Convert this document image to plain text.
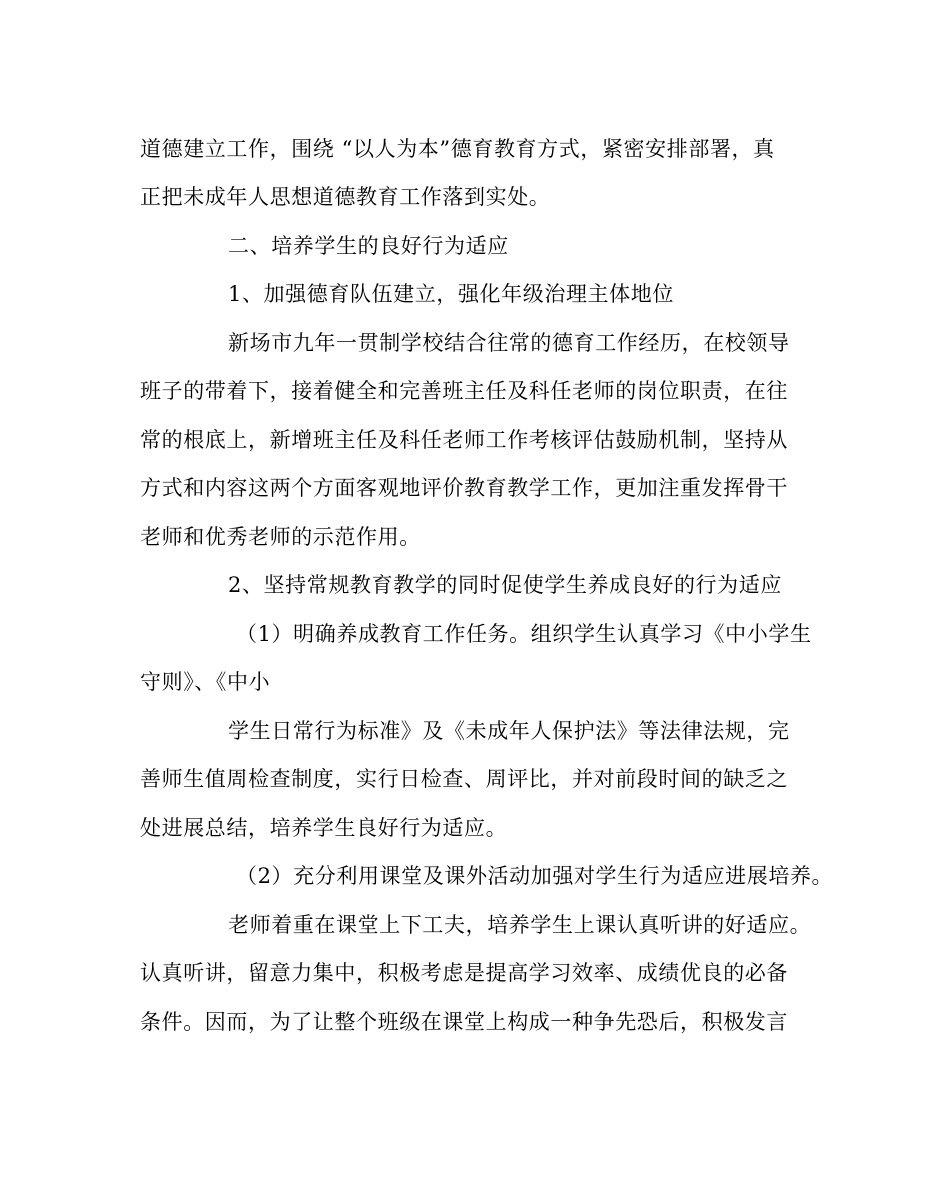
道德建立工作，围绕 “以人为本”德育教育方式，紧密安排部署，真
正把未成年人思想道德教育工作落到实处。
二、培养学生的良好行为适应
1、加强德育队伍建立，强化年级治理主体地位
新场市九年一贯制学校结合往常的德育工作经历，在校领导
班子的带着下，接着健全和完善班主任及科任老师的岗位职责，在往
常的根底上，新增班主任及科任老师工作考核评估鼓励机制，坚持从
方式和内容这两个方面客观地评价教育教学工作，更加注重发挥骨干
老师和优秀老师的示范作用。
2、坚持常规教育教学的同时促使学生养成良好的行为适应
（1）明确养成教育工作任务。组织学生认真学习《中小学生
守则》、《中小
学生日常行为标准》及《未成年人保护法》等法律法规，完
善师生值周检查制度，实行日检查、周评比，并对前段时间的缺乏之
处进展总结，培养学生良好行为适应。
（2）充分利用课堂及课外活动加强对学生行为适应进展培养。
老师着重在课堂上下工夫，培养学生上课认真听讲的好适应。
认真听讲，留意力集中，积极考虑是提高学习效率、成绩优良的必备
条件。因而，为了让整个班级在课堂上构成一种争先恐后，积极发言
